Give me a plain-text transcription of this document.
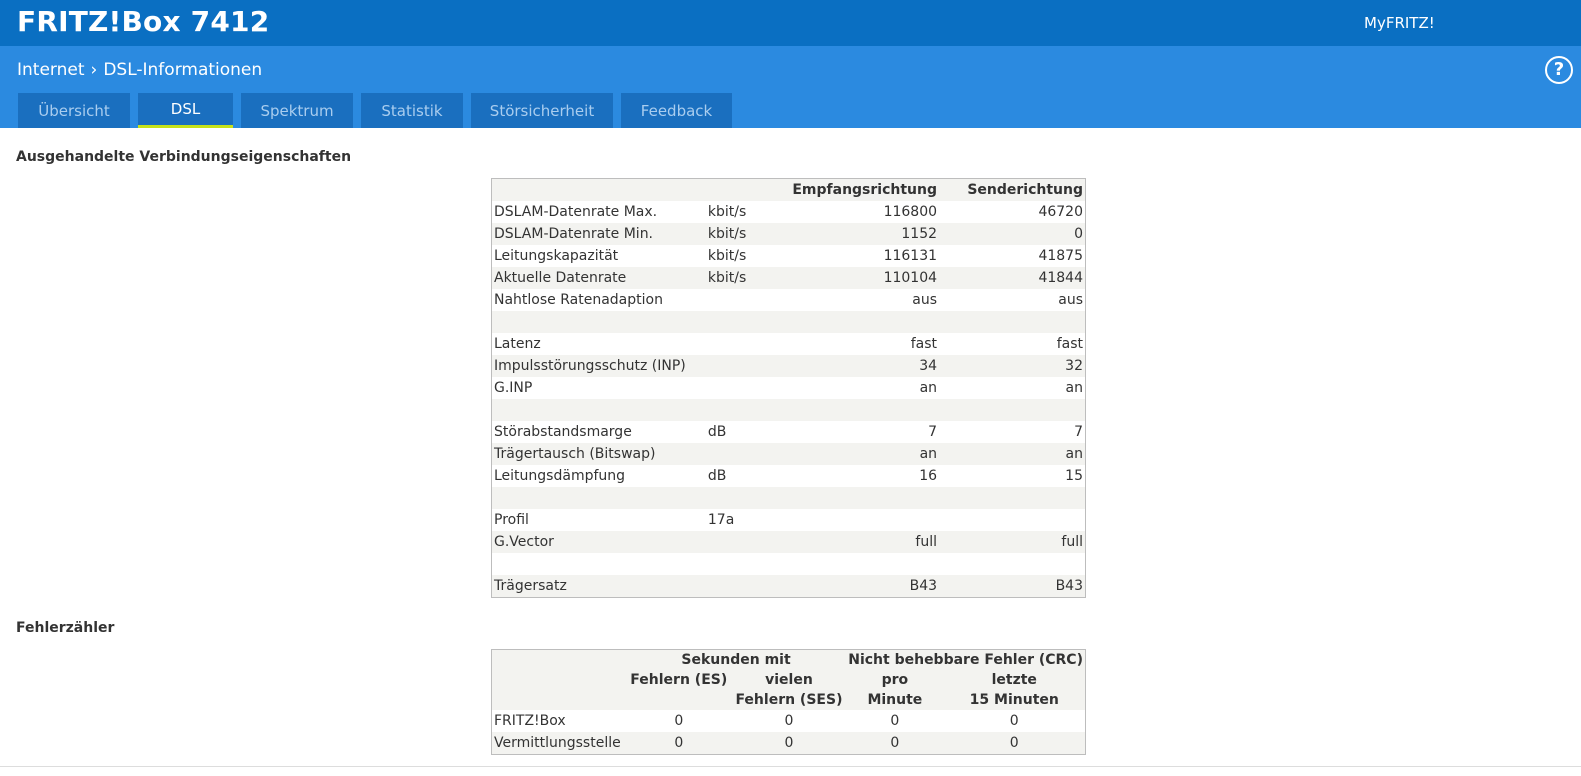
FRITZ!Box 7412	MyFRITZ!
Internet › DSL-Informationen	?
Übersicht	DSL	Spektrum	Statistik	Störsicherheit	Feedback
Ausgehandelte Verbindungseigenschaften
		Empfangsrichtung	Senderichtung
DSLAM-Datenrate Max.	kbit/s	116800	46720
DSLAM-Datenrate Min.	kbit/s	1152	0
Leitungskapazität	kbit/s	116131	41875
Aktuelle Datenrate	kbit/s	110104	41844
Nahtlose Ratenadaption		aus	aus

Latenz		fast	fast
Impulsstörungsschutz (INP)		34	32
G.INP		an	an

Störabstandsmarge	dB	7	7
Trägertausch (Bitswap)		an	an
Leitungsdämpfung	dB	16	15

Profil	17a		
G.Vector		full	full

Trägersatz		B43	B43
Fehlerzähler
	Sekunden mit		Nicht behebbare Fehler (CRC)	
	Fehlern (ES)	vielen	pro	letzte
		Fehlern (SES)	Minute	15 Minuten
FRITZ!Box	0	0	0	0
Vermittlungsstelle	0	0	0	0
